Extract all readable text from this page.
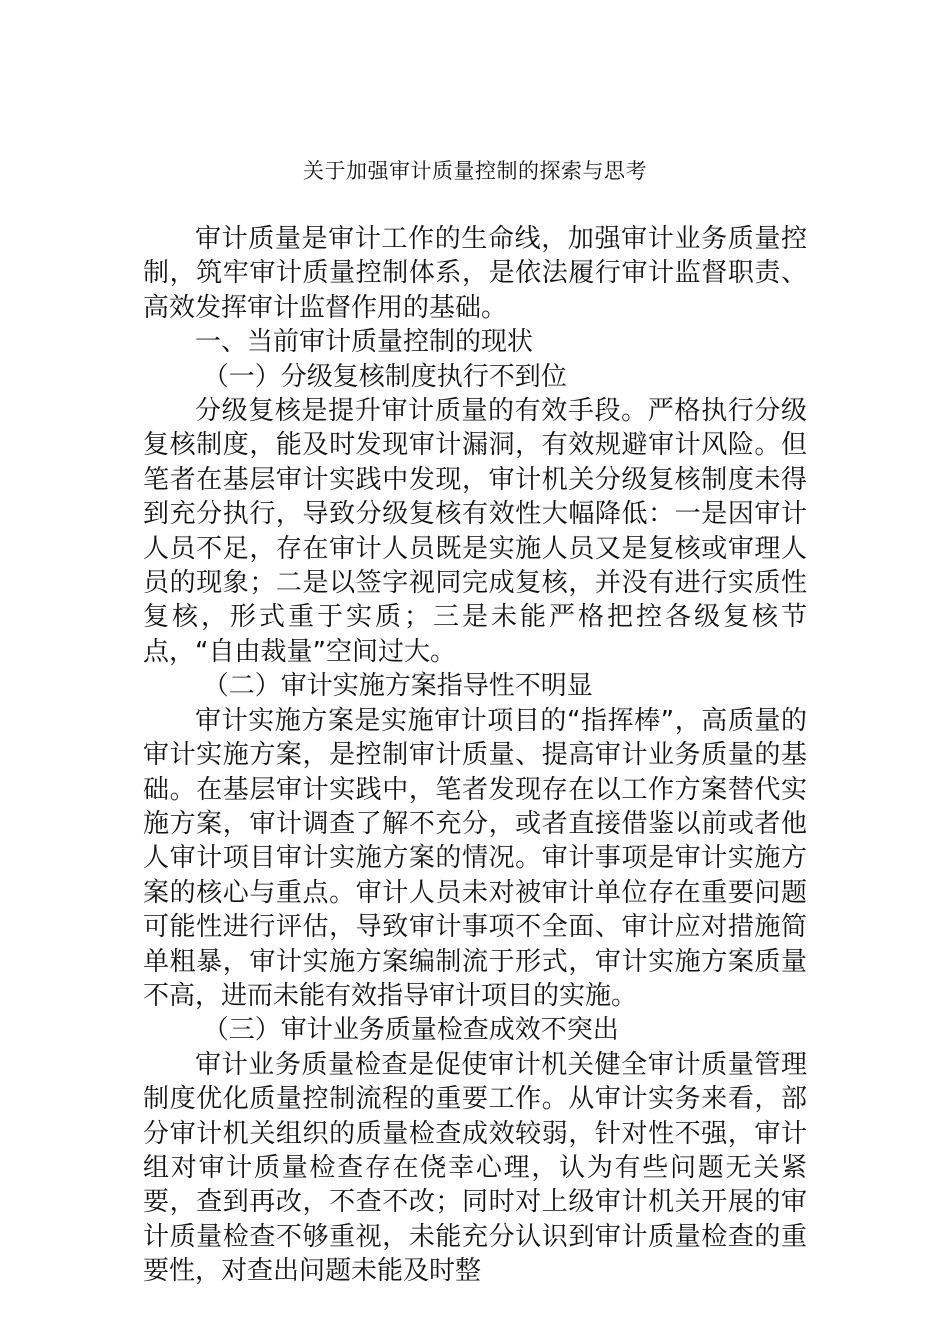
关于加强审计质量控制的探索与思考

审计质量是审计工作的生命线，加强审计业务质量控制，筑牢审计质量控制体系，是依法履行审计监督职责、高效发挥审计监督作用的基础。

一、当前审计质量控制的现状

（一）分级复核制度执行不到位

分级复核是提升审计质量的有效手段。严格执行分级复核制度，能及时发现审计漏洞，有效规避审计风险。但笔者在基层审计实践中发现，审计机关分级复核制度未得到充分执行，导致分级复核有效性大幅降低：一是因审计人员不足，存在审计人员既是实施人员又是复核或审理人员的现象；二是以签字视同完成复核，并没有进行实质性复核，形式重于实质；三是未能严格把控各级复核节点，“自由裁量”空间过大。

（二）审计实施方案指导性不明显

审计实施方案是实施审计项目的“指挥棒”，高质量的审计实施方案，是控制审计质量、提高审计业务质量的基础。在基层审计实践中，笔者发现存在以工作方案替代实施方案，审计调查了解不充分，或者直接借鉴以前或者他人审计项目审计实施方案的情况。审计事项是审计实施方案的核心与重点。审计人员未对被审计单位存在重要问题可能性进行评估，导致审计事项不全面、审计应对措施简单粗暴，审计实施方案编制流于形式，审计实施方案质量不高，进而未能有效指导审计项目的实施。

（三）审计业务质量检查成效不突出

审计业务质量检查是促使审计机关健全审计质量管理制度优化质量控制流程的重要工作。从审计实务来看，部分审计机关组织的质量检查成效较弱，针对性不强，审计组对审计质量检查存在侥幸心理，认为有些问题无关紧要，查到再改，不查不改；同时对上级审计机关开展的审计质量检查不够重视，未能充分认识到审计质量检查的重要性，对查出问题未能及时整
